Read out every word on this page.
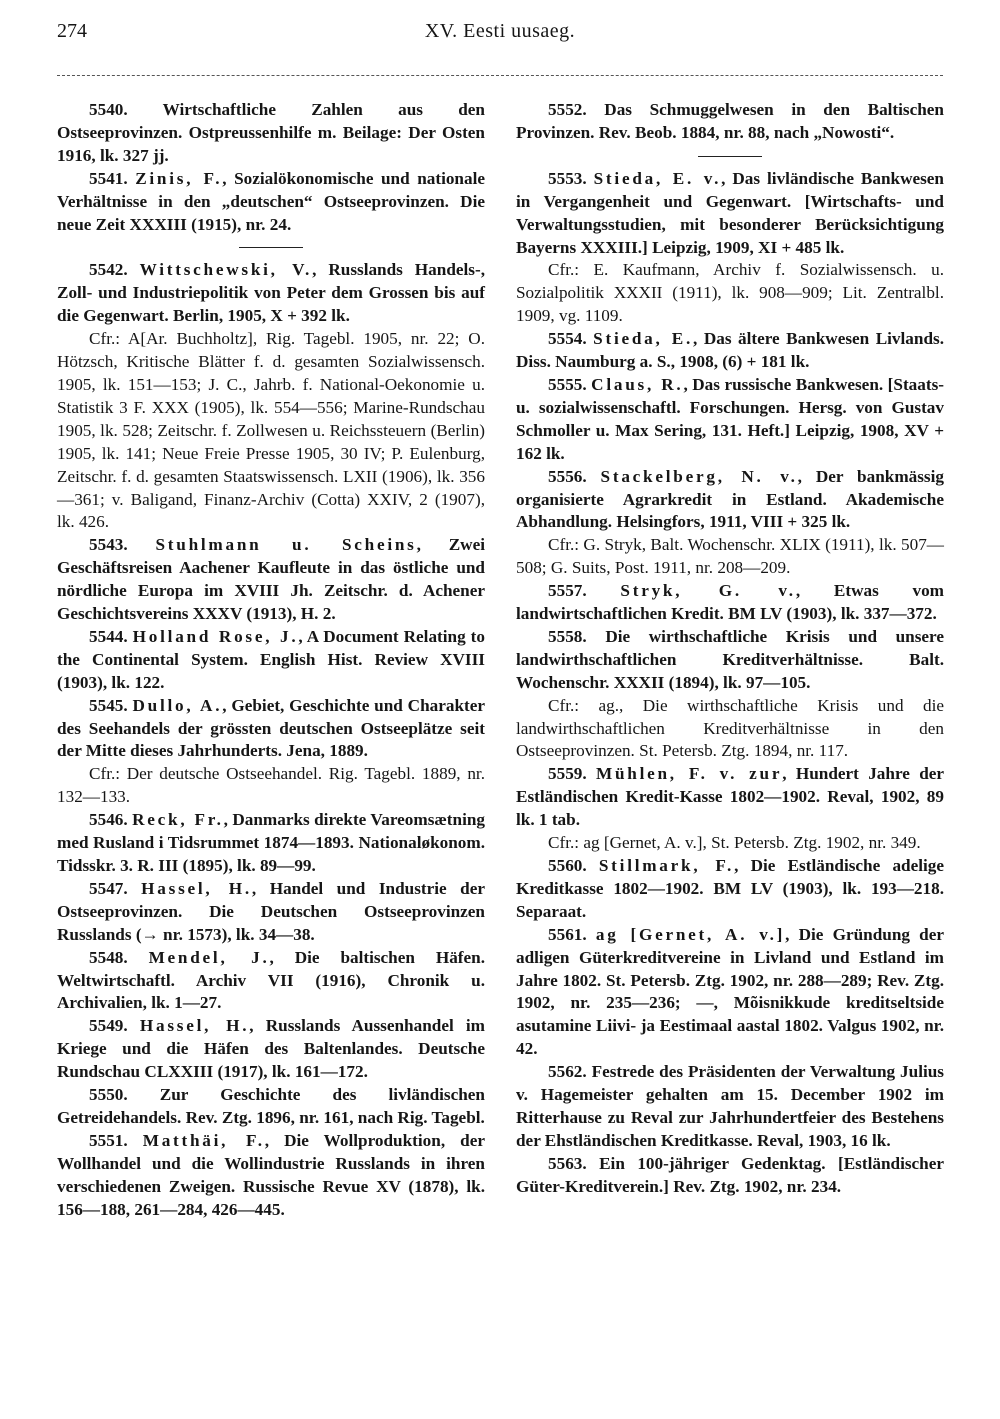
274	XV. Eesti uusaeg.

5540. Wirtschaftliche Zahlen aus den Ostseeprovinzen. Ostpreussenhilfe m. Beilage: Der Osten 1916, lk. 327 jj.

5541. Zinis, F., Sozialökonomische und nationale Verhältnisse in den „deutschen“ Ostseeprovinzen. Die neue Zeit XXXIII (1915), nr. 24.

5542. Wittschewski, V., Russlands Handels-, Zoll- und Industriepolitik von Peter dem Grossen bis auf die Gegenwart. Berlin, 1905, X + 392 lk.

Cfr.: A[Ar. Buchholtz], Rig. Tagebl. 1905, nr. 22; O. Hötzsch, Kritische Blätter f. d. gesamten Sozialwissensch. 1905, lk. 151—153; J. C., Jahrb. f. National-Oekonomie u. Statistik 3 F. XXX (1905), lk. 554—556; Marine-Rundschau 1905, lk. 528; Zeitschr. f. Zollwesen u. Reichssteuern (Berlin) 1905, lk. 141; Neue Freie Presse 1905, 30 IV; P. Eulenburg, Zeitschr. f. d. gesamten Staatswissensch. LXII (1906), lk. 356—361; v. Baligand, Finanz-Archiv (Cotta) XXIV, 2 (1907), lk. 426.

5543. Stuhlmann u. Scheins, Zwei Geschäftsreisen Aachener Kaufleute in das östliche und nördliche Europa im XVIII Jh. Zeitschr. d. Achener Geschichtsvereins XXXV (1913), H. 2.

5544. Holland Rose, J., A Document Relating to the Continental System. English Hist. Review XVIII (1903), lk. 122.

5545. Dullo, A., Gebiet, Geschichte und Charakter des Seehandels der grössten deutschen Ostseeplätze seit der Mitte dieses Jahrhunderts. Jena, 1889.

Cfr.: Der deutsche Ostseehandel. Rig. Tagebl. 1889, nr. 132—133.

5546. Reck, Fr., Danmarks direkte Vareomsætning med Rusland i Tidsrummet 1874—1893. Nationaløkonom. Tidsskr. 3. R. III (1895), lk. 89—99.

5547. Hassel, H., Handel und Industrie der Ostseeprovinzen. Die Deutschen Ostseeprovinzen Russlands (→ nr. 1573), lk. 34—38.

5548. Mendel, J., Die baltischen Häfen. Weltwirtschaftl. Archiv VII (1916), Chronik u. Archivalien, lk. 1—27.

5549. Hassel, H., Russlands Aussenhandel im Kriege und die Häfen des Baltenlandes. Deutsche Rundschau CLXXIII (1917), lk. 161—172.

5550. Zur Geschichte des livländischen Getreidehandels. Rev. Ztg. 1896, nr. 161, nach Rig. Tagebl.

5551. Matthäi, F., Die Wollproduktion, der Wollhandel und die Wollindustrie Russlands in ihren verschiedenen Zweigen. Russische Revue XV (1878), lk. 156—188, 261—284, 426—445.

5552. Das Schmuggelwesen in den Baltischen Provinzen. Rev. Beob. 1884, nr. 88, nach „Nowosti“.

5553. Stieda, E. v., Das livländische Bankwesen in Vergangenheit und Gegenwart. [Wirtschafts- und Verwaltungsstudien, mit besonderer Berücksichtigung Bayerns XXXIII.] Leipzig, 1909, XI + 485 lk.

Cfr.: E. Kaufmann, Archiv f. Sozialwissensch. u. Sozialpolitik XXXII (1911), lk. 908—909; Lit. Zentralbl. 1909, vg. 1109.

5554. Stieda, E., Das ältere Bankwesen Livlands. Diss. Naumburg a. S., 1908, (6) + 181 lk.

5555. Claus, R., Das russische Bankwesen. [Staats- u. sozialwissenschaftl. Forschungen. Hersg. von Gustav Schmoller u. Max Sering, 131. Heft.] Leipzig, 1908, XV + 162 lk.

5556. Stackelberg, N. v., Der bankmässig organisierte Agrarkredit in Estland. Akademische Abhandlung. Helsingfors, 1911, VIII + 325 lk.

Cfr.: G. Stryk, Balt. Wochenschr. XLIX (1911), lk. 507—508; G. Suits, Post. 1911, nr. 208—209.

5557. Stryk, G. v., Etwas vom landwirtschaftlichen Kredit. BM LV (1903), lk. 337—372.

5558. Die wirthschaftliche Krisis und unsere landwirthschaftlichen Kreditverhältnisse. Balt. Wochenschr. XXXII (1894), lk. 97—105.

Cfr.: ag., Die wirthschaftliche Krisis und die landwirthschaftlichen Kreditverhältnisse in den Ostseeprovinzen. St. Petersb. Ztg. 1894, nr. 117.

5559. Mühlen, F. v. zur, Hundert Jahre der Estländischen Kredit-Kasse 1802—1902. Reval, 1902, 89 lk. 1 tab.

Cfr.: ag [Gernet, A. v.], St. Petersb. Ztg. 1902, nr. 349.

5560. Stillmark, F., Die Estländische adelige Kreditkasse 1802—1902. BM LV (1903), lk. 193—218. Separaat.

5561. ag [Gernet, A. v.], Die Gründung der adligen Güterkreditvereine in Livland und Estland im Jahre 1802. St. Petersb. Ztg. 1902, nr. 288—289; Rev. Ztg. 1902, nr. 235—236; —, Mõisnikkude kreditseltside asutamine Liivi- ja Eestimaal aastal 1802. Valgus 1902, nr. 42.

5562. Festrede des Präsidenten der Verwaltung Julius v. Hagemeister gehalten am 15. December 1902 im Ritterhause zu Reval zur Jahrhundertfeier des Bestehens der Ehstländischen Kreditkasse. Reval, 1903, 16 lk.

5563. Ein 100-jähriger Gedenktag. [Estländischer Güter-Kreditverein.] Rev. Ztg. 1902, nr. 234.
